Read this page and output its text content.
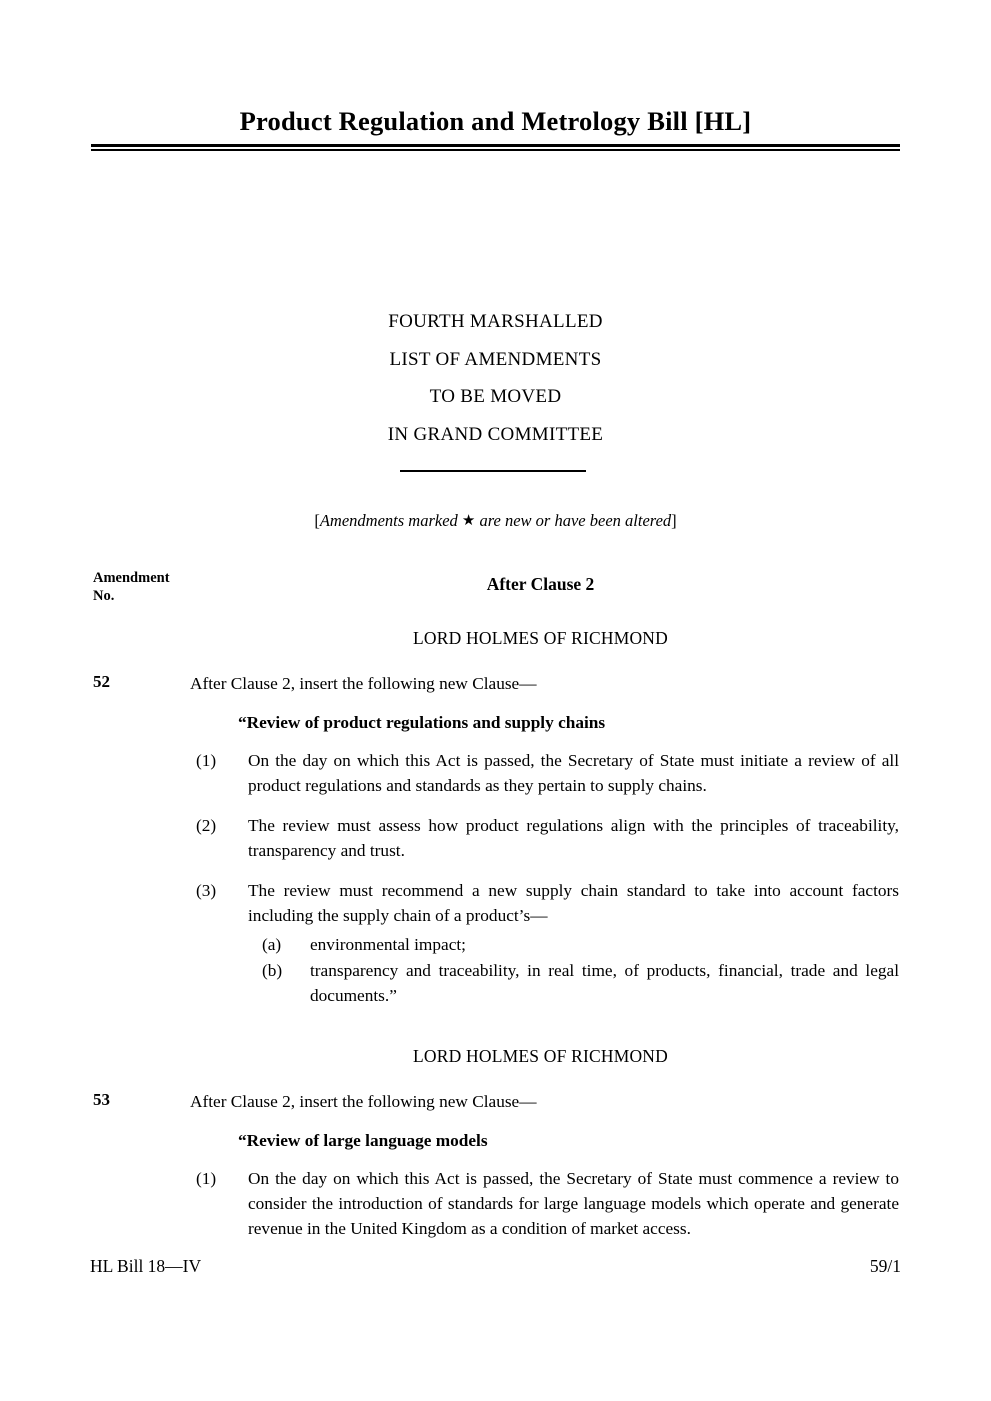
Product Regulation and Metrology Bill [HL]
FOURTH MARSHALLED
LIST OF AMENDMENTS
TO BE MOVED
IN GRAND COMMITTEE
[Amendments marked ★ are new or have been altered]
Amendment
No.
After Clause 2
LORD HOLMES OF RICHMOND
52	After Clause 2, insert the following new Clause—
“Review of product regulations and supply chains
(1)	On the day on which this Act is passed, the Secretary of State must initiate a review of all product regulations and standards as they pertain to supply chains.
(2)	The review must assess how product regulations align with the principles of traceability, transparency and trust.
(3)	The review must recommend a new supply chain standard to take into account factors including the supply chain of a product’s—
(a)	environmental impact;
(b)	transparency and traceability, in real time, of products, financial, trade and legal documents.”
LORD HOLMES OF RICHMOND
53	After Clause 2, insert the following new Clause—
“Review of large language models
(1)	On the day on which this Act is passed, the Secretary of State must commence a review to consider the introduction of standards for large language models which operate and generate revenue in the United Kingdom as a condition of market access.
HL Bill 18—IV	59/1
